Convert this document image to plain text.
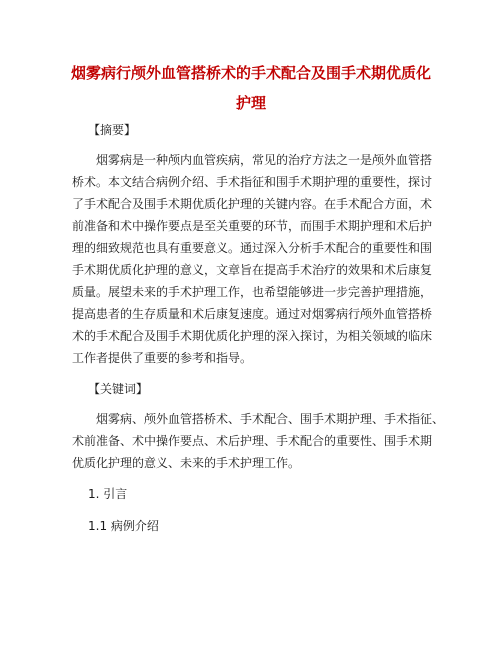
烟雾病行颅外血管搭桥术的手术配合及围手术期优质化
护理
【摘要】
烟雾病是一种颅内血管疾病，常见的治疗方法之一是颅外血管搭
桥术。本文结合病例介绍、手术指征和围手术期护理的重要性，探讨
了手术配合及围手术期优质化护理的关键内容。在手术配合方面，术
前准备和术中操作要点是至关重要的环节，而围手术期护理和术后护
理的细致规范也具有重要意义。通过深入分析手术配合的重要性和围
手术期优质化护理的意义，文章旨在提高手术治疗的效果和术后康复
质量。展望未来的手术护理工作，也希望能够进一步完善护理措施，
提高患者的生存质量和术后康复速度。通过对烟雾病行颅外血管搭桥
术的手术配合及围手术期优质化护理的深入探讨，为相关领域的临床
工作者提供了重要的参考和指导。
【关键词】
烟雾病、颅外血管搭桥术、手术配合、围手术期护理、手术指征、
术前准备、术中操作要点、术后护理、手术配合的重要性、围手术期
优质化护理的意义、未来的手术护理工作。
1. 引言
1.1 病例介绍
